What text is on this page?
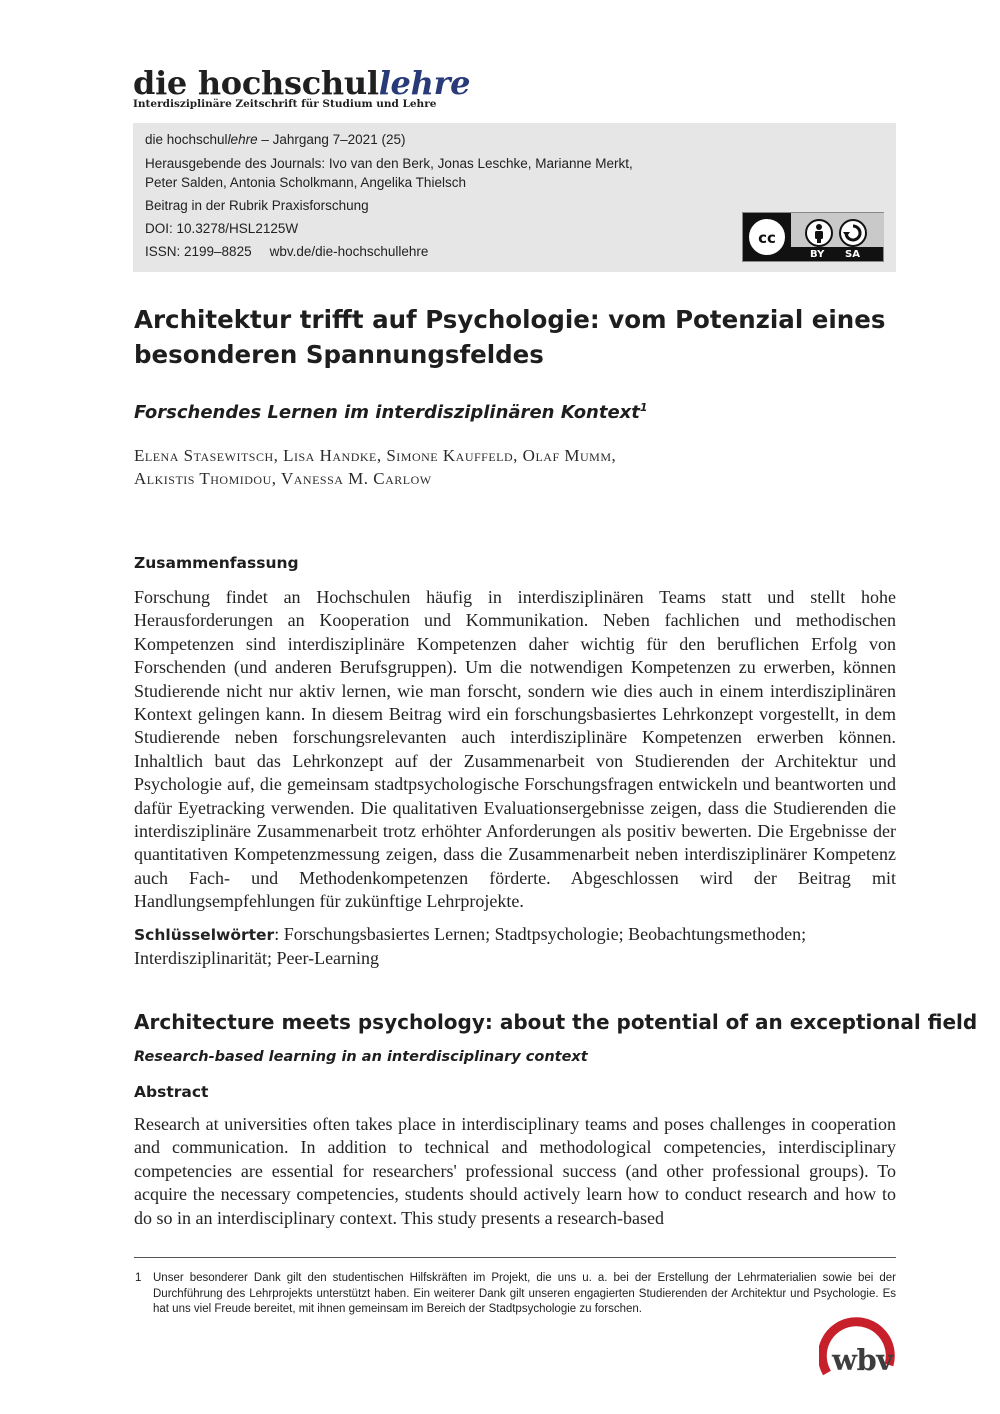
die hochschullehre
Interdisziplinäre Zeitschrift für Studium und Lehre
die hochschullehre – Jahrgang 7–2021 (25)
Herausgebende des Journals: Ivo van den Berk, Jonas Leschke, Marianne Merkt,
Peter Salden, Antonia Scholkmann, Angelika Thielsch
Beitrag in der Rubrik Praxisforschung
DOI: 10.3278/HSL2125W
ISSN: 2199–8825 wbv.de/die-hochschullehre
cc
BY SA
Architektur trifft auf Psychologie: vom Potenzial eines besonderen Spannungsfeldes
Forschendes Lernen im interdisziplinären Kontext$^1$
Elena Stasewitsch, Lisa Handke, Simone Kauffeld, Olaf Mumm,
Alkistis Thomidou, Vanessa M. Carlow
Zusammenfassung
Forschung findet an Hochschulen häufig in interdisziplinären Teams statt und stellt hohe Herausforderungen an Kooperation und Kommunikation. Neben fachlichen und methodischen Kompetenzen sind interdisziplinäre Kompetenzen daher wichtig für den beruflichen Erfolg von Forschenden (und anderen Berufsgruppen). Um die notwendigen Kompetenzen zu erwerben, können Studierende nicht nur aktiv lernen, wie man forscht, sondern wie dies auch in einem interdisziplinären Kontext gelingen kann. In diesem Beitrag wird ein forschungsbasiertes Lehrkonzept vorgestellt, in dem Studierende neben forschungsrelevanten auch interdisziplinäre Kompetenzen erwerben können. Inhaltlich baut das Lehrkonzept auf der Zusammenarbeit von Studierenden der Architektur und Psychologie auf, die gemeinsam stadtpsychologische Forschungsfragen entwickeln und beantworten und dafür Eyetracking verwenden. Die qualitativen Evaluationsergebnisse zeigen, dass die Studierenden die interdisziplinäre Zusammenarbeit trotz erhöhter Anforderungen als positiv bewerten. Die Ergebnisse der quantitativen Kompetenzmessung zeigen, dass die Zusammenarbeit neben interdisziplinärer Kompetenz auch Fach- und Methodenkompetenzen förderte. Abgeschlossen wird der Beitrag mit Handlungsempfehlungen für zukünftige Lehrprojekte.
Schlüsselwörter: Forschungsbasiertes Lernen; Stadtpsychologie; Beobachtungsmethoden; Interdisziplinarität; Peer-Learning
Architecture meets psychology: about the potential of an exceptional field
Research-based learning in an interdisciplinary context
Abstract
Research at universities often takes place in interdisciplinary teams and poses challenges in cooperation and communication. In addition to technical and methodological competencies, interdisciplinary competencies are essential for researchers' professional success (and other professional groups). To acquire the necessary competencies, students should actively learn how to conduct research and how to do so in an interdisciplinary context. This study presents a research-based
1 Unser besonderer Dank gilt den studentischen Hilfskräften im Projekt, die uns u. a. bei der Erstellung der Lehrmaterialien sowie bei der Durchführung des Lehrprojekts unterstützt haben. Ein weiterer Dank gilt unseren engagierten Studierenden der Architektur und Psychologie. Es hat uns viel Freude bereitet, mit ihnen gemeinsam im Bereich der Stadtpsychologie zu forschen.
wbv
